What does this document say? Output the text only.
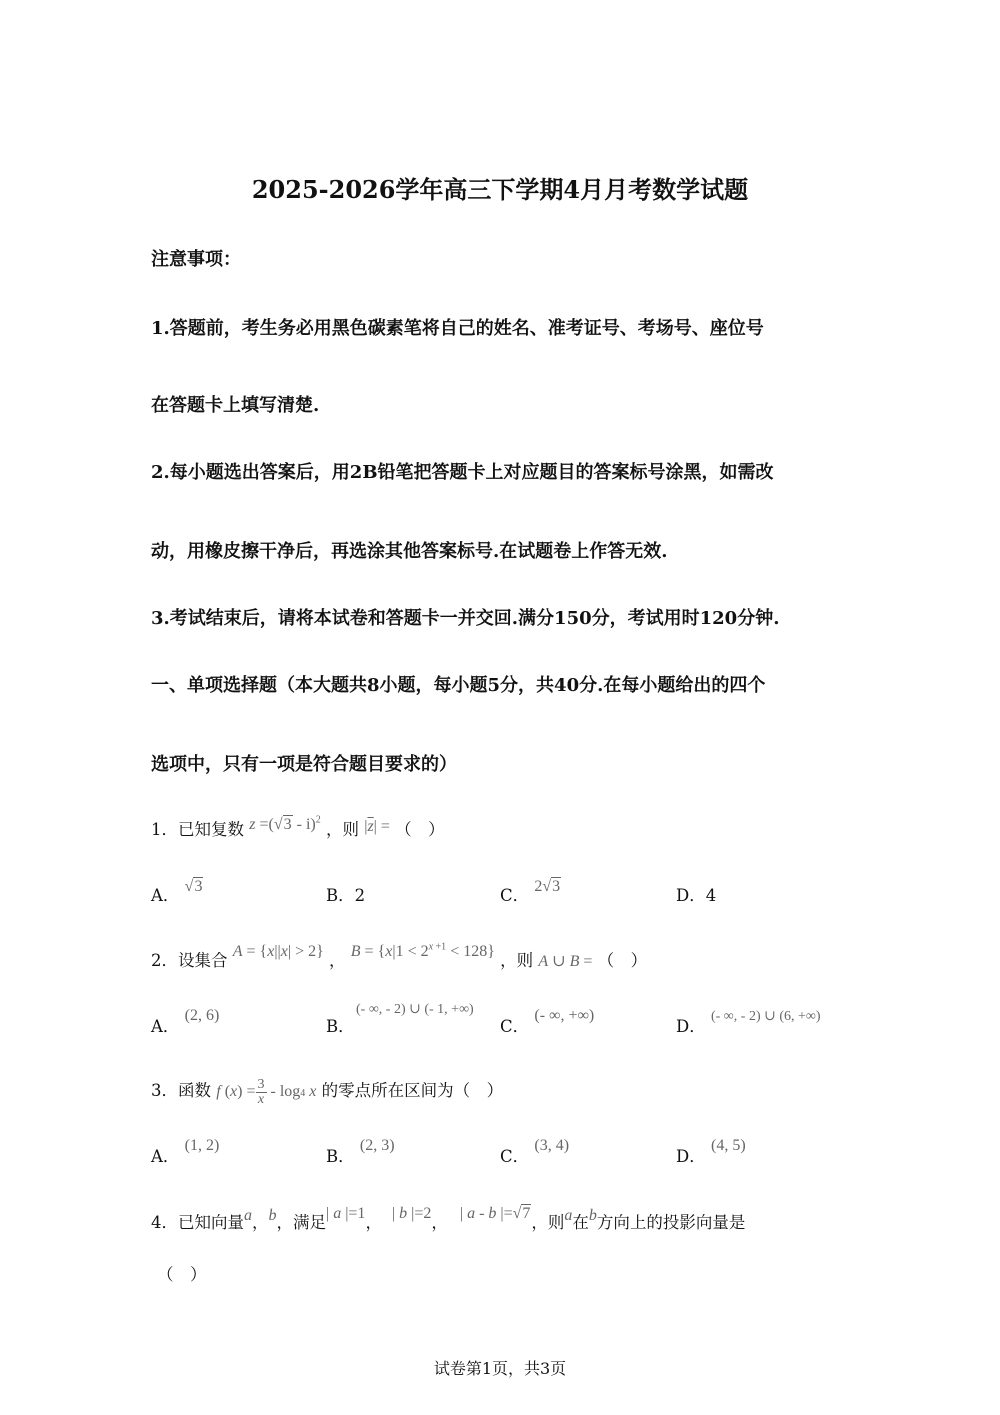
2025-2026学年高三下学期4月月考数学试题
注意事项：
1.答题前，考生务必用黑色碳素笔将自己的姓名、准考证号、考场号、座位号
在答题卡上填写清楚.
2.每小题选出答案后，用2B铅笔把答题卡上对应题目的答案标号涂黑，如需改
动，用橡皮擦干净后，再选涂其他答案标号.在试题卷上作答无效.
3.考试结束后，请将本试卷和答题卡一并交回.满分150分，考试用时120分钟.
一、单项选择题（本大题共8小题，每小题5分，共40分.在每小题给出的四个
选项中，只有一项是符合题目要求的）
1．已知复数 z =(√3 - i)$^2$ ，则 $|\overline{z}|$ = （　）
A． √3	B．2	C． 2√3	D．4
2．设集合 A = {x||x| > 2} ， $B = \{x|1 < 2^{x +1} < 128\}$ ，则 A ∪ B = （　）
A． (2, 6)
B．
(- ∞, - 2) ∪ (- 1, +∞)
C． (- ∞, +∞)
D． $^{(- \infty, - 2) \cup (6, +\infty)}$
3．函数 f $(x) = \frac{3}{x} - \log 4$ x 的零点所在区间为（　）
A． (1, 2)
B． (2, 3)
C． (3, 4)
D． (4, 5)
4．已知向量a，b，满足| a |=1， | b |=2， | a - b |=√7，则a在b方向上的投影向量是
（　）
试卷第1页，共3页
